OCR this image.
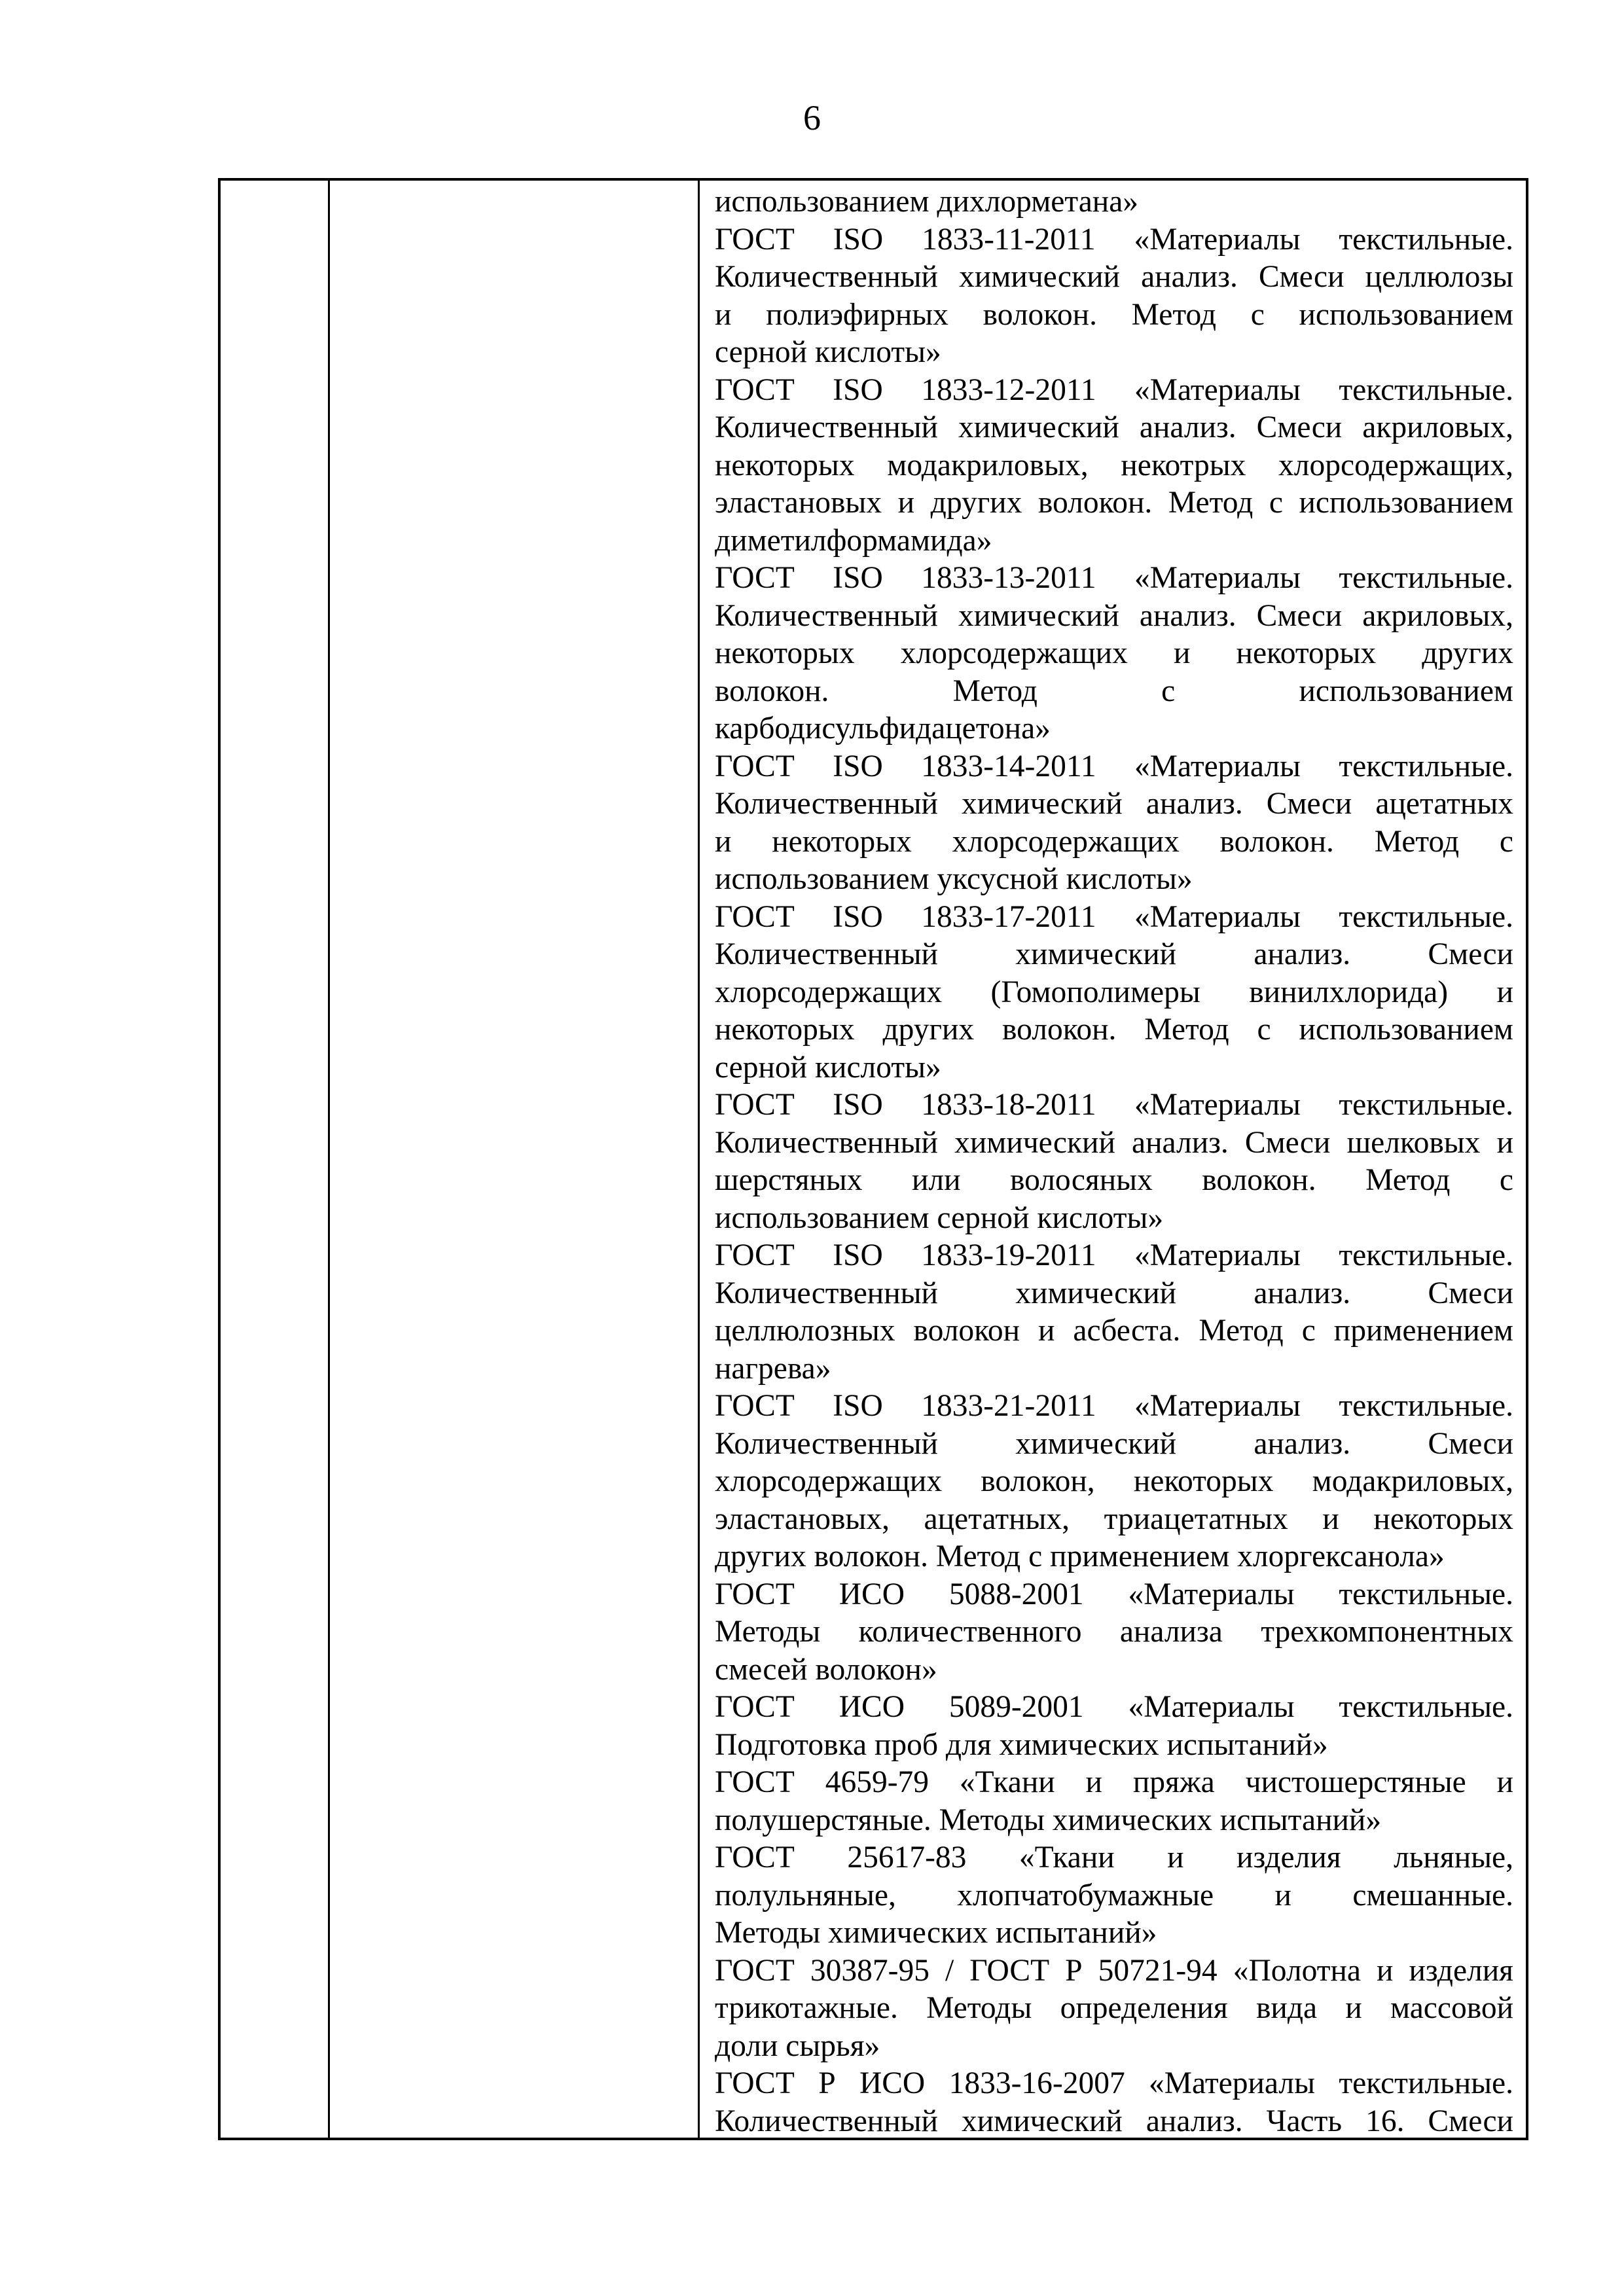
6
использованием дихлорметана»
ГОСТ ISO 1833-11-2011 «Материалы текстильные.
Количественный химический анализ. Смеси целлюлозы
и полиэфирных волокон. Метод с использованием
серной кислоты»
ГОСТ ISO 1833-12-2011 «Материалы текстильные.
Количественный химический анализ. Смеси акриловых,
некоторых модакриловых, некотрых хлорсодержащих,
эластановых и других волокон. Метод с использованием
диметилформамида»
ГОСТ ISO 1833-13-2011 «Материалы текстильные.
Количественный химический анализ. Смеси акриловых,
некоторых хлорсодержащих и некоторых других
волокон. Метод с использованием
карбодисульфидацетона»
ГОСТ ISO 1833-14-2011 «Материалы текстильные.
Количественный химический анализ. Смеси ацетатных
и некоторых хлорсодержащих волокон. Метод с
использованием уксусной кислоты»
ГОСТ ISO 1833-17-2011 «Материалы текстильные.
Количественный химический анализ. Смеси
хлорсодержащих (Гомополимеры винилхлорида) и
некоторых других волокон. Метод с использованием
серной кислоты»
ГОСТ ISO 1833-18-2011 «Материалы текстильные.
Количественный химический анализ. Смеси шелковых и
шерстяных или волосяных волокон. Метод с
использованием серной кислоты»
ГОСТ ISO 1833-19-2011 «Материалы текстильные.
Количественный химический анализ. Смеси
целлюлозных волокон и асбеста. Метод с применением
нагрева»
ГОСТ ISO 1833-21-2011 «Материалы текстильные.
Количественный химический анализ. Смеси
хлорсодержащих волокон, некоторых модакриловых,
эластановых, ацетатных, триацетатных и некоторых
других волокон. Метод с применением хлоргексанола»
ГОСТ ИСО 5088-2001 «Материалы текстильные.
Методы количественного анализа трехкомпонентных
смесей волокон»
ГОСТ ИСО 5089-2001 «Материалы текстильные.
Подготовка проб для химических испытаний»
ГОСТ 4659-79 «Ткани и пряжа чистошерстяные и
полушерстяные. Методы химических испытаний»
ГОСТ 25617-83 «Ткани и изделия льняные,
полульняные, хлопчатобумажные и смешанные.
Методы химических испытаний»
ГОСТ 30387-95 / ГОСТ Р 50721-94 «Полотна и изделия
трикотажные. Методы определения вида и массовой
доли сырья»
ГОСТ Р ИСО 1833-16-2007 «Материалы текстильные.
Количественный химический анализ. Часть 16. Смеси
